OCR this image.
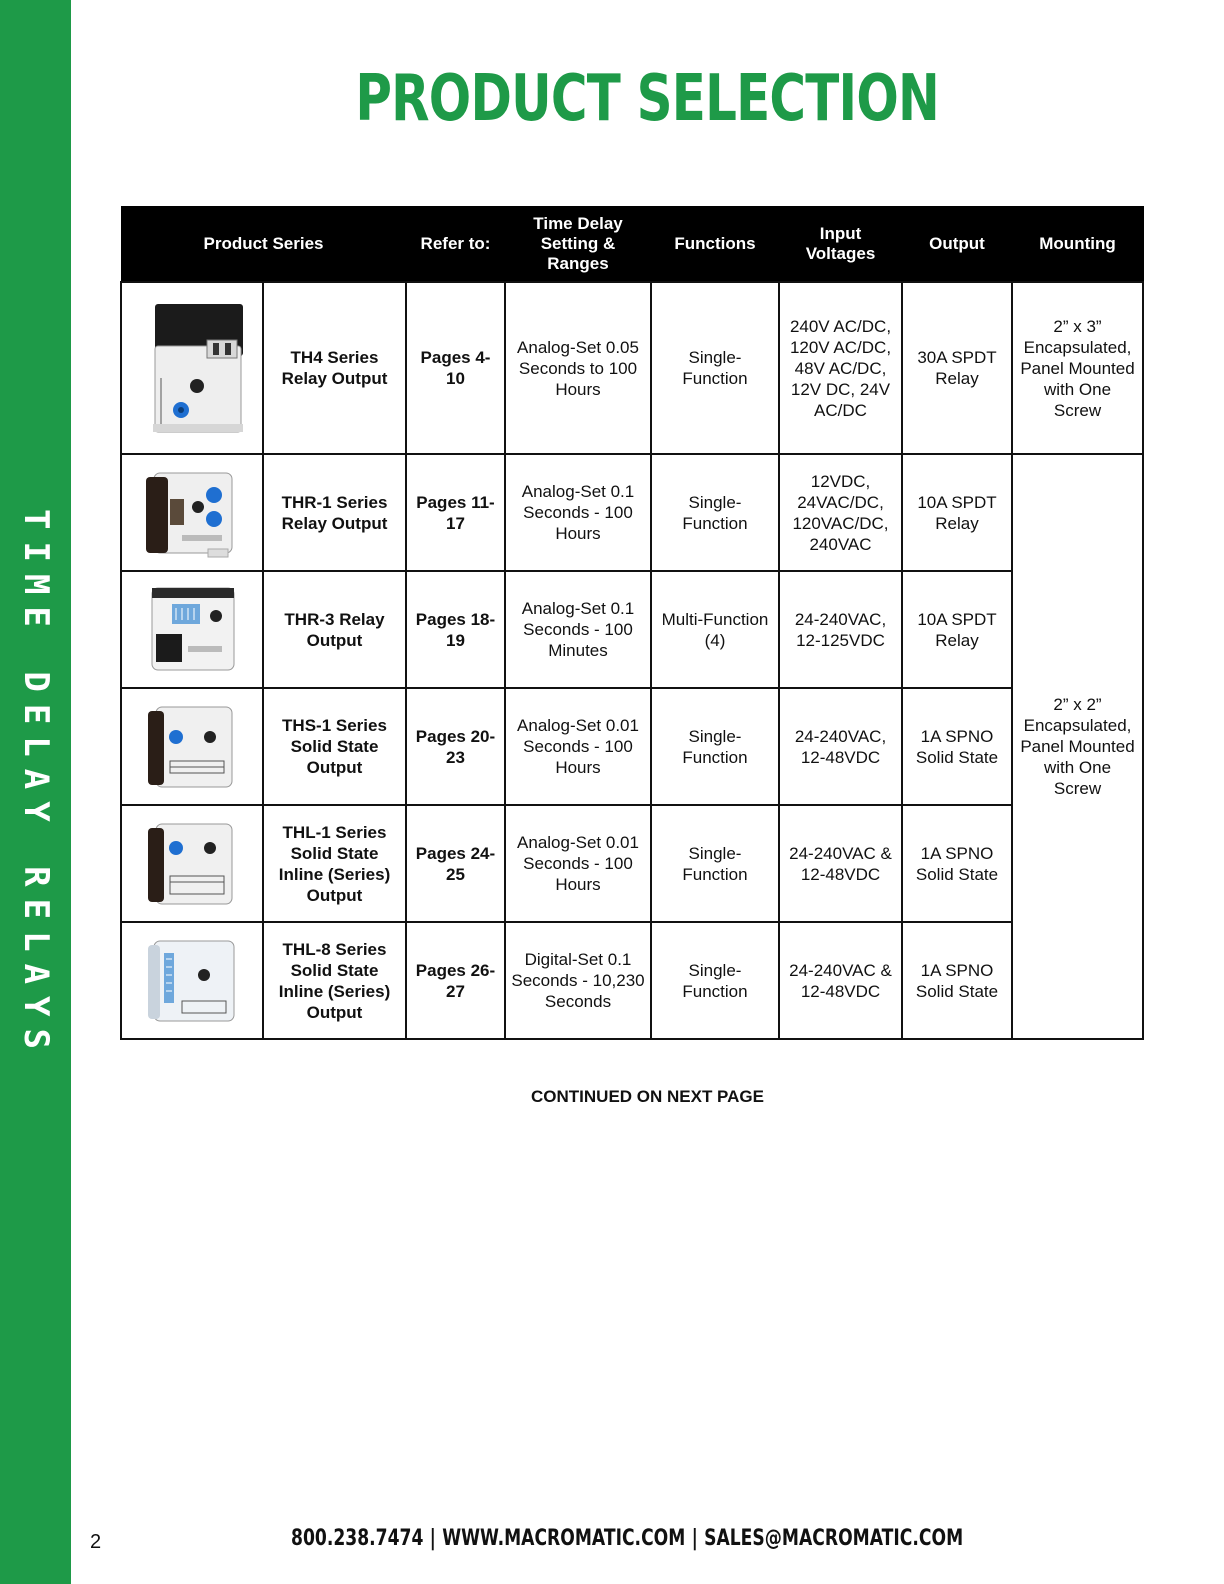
TIME DELAY RELAYS
PRODUCT SELECTION
Product Series		Refer to:	Time Delay Setting & Ranges	Functions	Input Voltages	Output	Mounting

	TH4 Series Relay Output	Pages 4-10	Analog-Set 0.05 Seconds to 100 Hours	Single-Function	240V AC/DC, 120V AC/DC, 48V AC/DC, 12V DC, 24V AC/DC	30A SPDT Relay	2” x 3” Encapsulated, Panel Mounted with One Screw

	THR-1 Series Relay Output	Pages 11-17	Analog-Set 0.1 Seconds - 100 Hours	Single-Function	12VDC, 24VAC/DC, 120VAC/DC, 240VAC	10A SPDT Relay	2” x 2” Encapsulated, Panel Mounted with One Screw

	THR-3 Relay Output	Pages 18-19	Analog-Set 0.1 Seconds - 100 Minutes	Multi-Function (4)	24-240VAC, 12-125VDC	10A SPDT Relay	

	THS-1 Series Solid State Output	Pages 20-23	Analog-Set 0.01 Seconds - 100 Hours	Single-Function	24-240VAC, 12-48VDC	1A SPNO Solid State	

	THL-1 Series Solid State Inline (Series) Output	Pages 24-25	Analog-Set 0.01 Seconds - 100 Hours	Single-Function	24-240VAC & 12-48VDC	1A SPNO Solid State	

	THL-8 Series Solid State Inline (Series) Output	Pages 26-27	Digital-Set 0.1 Seconds - 10,230 Seconds	Single-Function	24-240VAC & 12-48VDC	1A SPNO Solid State	
CONTINUED ON NEXT PAGE
2	800.238.7474 | WWW.MACROMATIC.COM | SALES@MACROMATIC.COM
